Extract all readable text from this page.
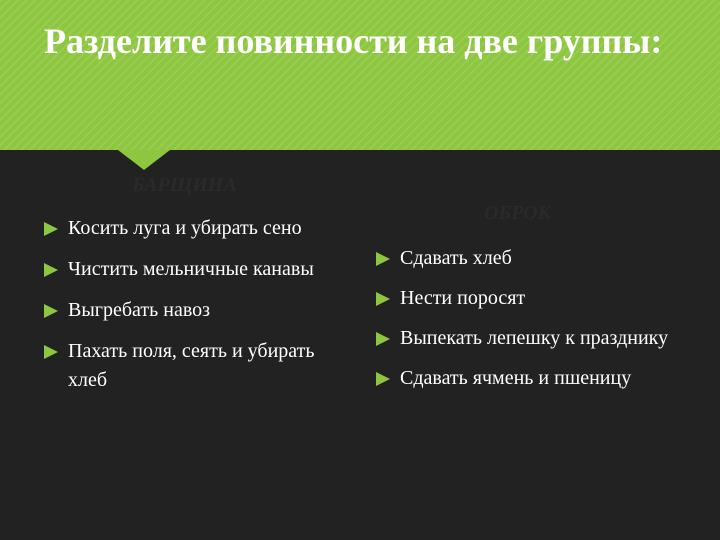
Разделите повинности на две группы:
БАРЩИНА
ОБРОК
Косить луга и убирать сено
Чистить мельничные канавы
Выгребать навоз
Пахать поля, сеять и убирать хлеб
Сдавать хлеб
Нести поросят
Выпекать лепешку к празднику
Сдавать ячмень и пшеницу
